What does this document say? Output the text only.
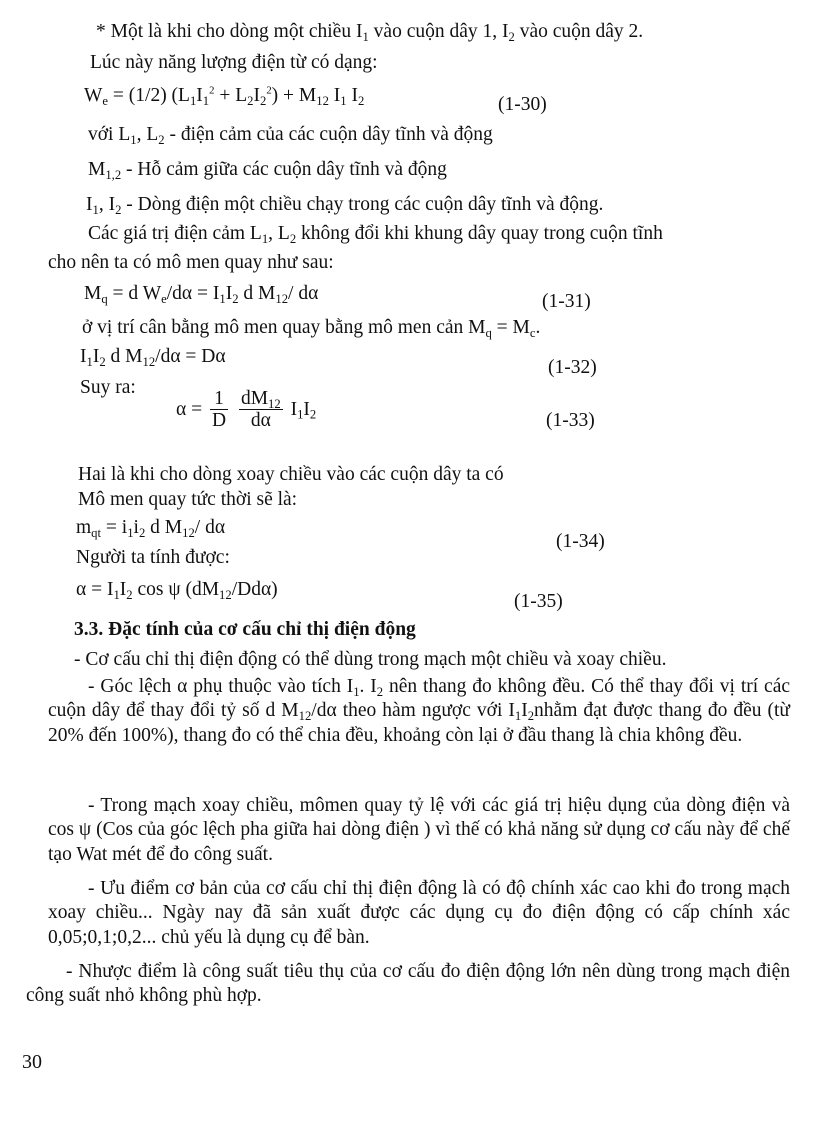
* Một là khi cho dòng một chiều $I_1$ vào cuộn dây 1, $I_2$ vào cuộn dây 2.
Lúc này năng lượng điện từ có dạng:
$W_e = (1/2) (L_1I_1^2 + L_2I_2^2) + M_{12}$ $I_1$ $I_2$	(1-30)
với $L_1$, $L_2$ - điện cảm của các cuộn dây tĩnh và động
$M_{1,2}$ - Hỗ cảm giữa các cuộn dây tĩnh và động
$I_1$, $I_2$ - Dòng điện một chiều chạy trong các cuộn dây tĩnh và động.
Các giá trị điện cảm $L_1$, $L_2$ không đổi khi khung dây quay trong cuộn tĩnh
cho nên ta có mô men quay như sau:
$M_q = d$ $W_e/d\alpha = I_1I_2$ d $M_{12}/$ dα	(1-31)
ở vị trí cân bằng mô men quay bằng mô men cản $M_q = M_c$.
$I_1I_2$ d $M_{12}/d\alpha = D\alpha$
(1-32)
Suy ra:
$\alpha = \frac{1}{D}$
$\frac{dM_{12}}{d\alpha} I_1I_2$	(1-33)
Hai là khi cho dòng xoay chiều vào các cuộn dây ta có
Mô men quay tức thời sẽ là:
$m_{qt} = i_1i_2$ d $M_{12}/$ dα
(1-34)
Người ta tính được:
$\alpha = I_1I_2$ cos ψ $(dM_{12}/Dd\alpha)$
(1-35)
3.3. Đặc tính của cơ cấu chỉ thị điện động
- Cơ cấu chỉ thị điện động có thể dùng trong mạch một chiều và xoay chiều.
- Góc lệch α phụ thuộc vào tích $I_1$. $I_2$ nên thang đo không đều. Có thể thay đổi vị trí các cuộn dây để thay đổi tỷ số d $M_{12}/d\alpha$ theo hàm ngược với $I_1I_2nhằm$ đạt được thang đo đều (từ 20% đến 100%), thang đo có thể chia đều, khoảng còn lại ở đầu thang là chia không đều.
- Trong mạch xoay chiều, mômen quay tỷ lệ với các giá trị hiệu dụng của dòng điện và cos ψ (Cos của góc lệch pha giữa hai dòng điện ) vì thế có khả năng sử dụng cơ cấu này để chế tạo Wat mét để đo công suất.
- Ưu điểm cơ bản của cơ cấu chỉ thị điện động là có độ chính xác cao khi đo trong mạch xoay chiều... Ngày nay đã sản xuất được các dụng cụ đo điện động có cấp chính xác 0,05;0,1;0,2... chủ yếu là dụng cụ để bàn.
- Nhược điểm là công suất tiêu thụ của cơ cấu đo điện động lớn nên dùng trong mạch điện công suất nhỏ không phù hợp.
30
